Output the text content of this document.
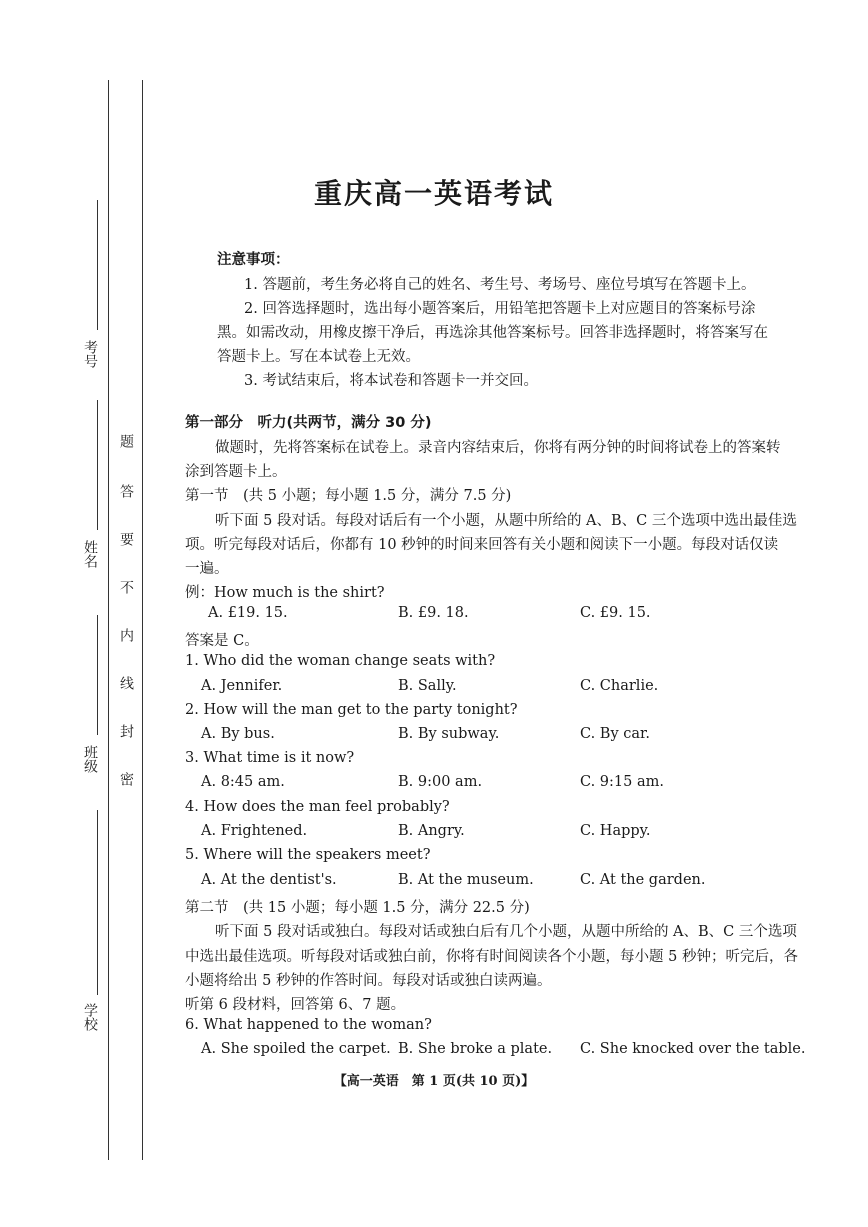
考号
姓名
班级
学校
题
答
要
不
内
线
封
密
重庆高一英语考试
注意事项：
1. 答题前，考生务必将自己的姓名、考生号、考场号、座位号填写在答题卡上。
2. 回答选择题时，选出每小题答案后，用铅笔把答题卡上对应题目的答案标号涂
黑。如需改动，用橡皮擦干净后，再选涂其他答案标号。回答非选择题时，将答案写在
答题卡上。写在本试卷上无效。
3. 考试结束后，将本试卷和答题卡一并交回。
第一部分　听力(共两节，满分 30 分)
做题时，先将答案标在试卷上。录音内容结束后，你将有两分钟的时间将试卷上的答案转
涂到答题卡上。
第一节　(共 5 小题；每小题 1.5 分，满分 7.5 分)
听下面 5 段对话。每段对话后有一个小题，从题中所给的 A、B、C 三个选项中选出最佳选
项。听完每段对话后，你都有 10 秒钟的时间来回答有关小题和阅读下一小题。每段对话仅读
一遍。
例：How much is the shirt?
A. £19. 15.	B. £9. 18.	C. £9. 15.
答案是 C。
1. Who did the woman change seats with?
A. Jennifer.	B. Sally.	C. Charlie.
2. How will the man get to the party tonight?
A. By bus.	B. By subway.	C. By car.
3. What time is it now?
A. 8:45 am.	B. 9:00 am.	C. 9:15 am.
4. How does the man feel probably?
A. Frightened.	B. Angry.	C. Happy.
5. Where will the speakers meet?
A. At the dentist's.	B. At the museum.	C. At the garden.
第二节　(共 15 小题；每小题 1.5 分，满分 22.5 分)
听下面 5 段对话或独白。每段对话或独白后有几个小题，从题中所给的 A、B、C 三个选项
中选出最佳选项。听每段对话或独白前，你将有时间阅读各个小题，每小题 5 秒钟；听完后，各
小题将给出 5 秒钟的作答时间。每段对话或独白读两遍。
听第 6 段材料，回答第 6、7 题。
6. What happened to the woman?
A. She spoiled the carpet. B. She broke a plate. C. She knocked over the table.
【高一英语　第 1 页(共 10 页)】
